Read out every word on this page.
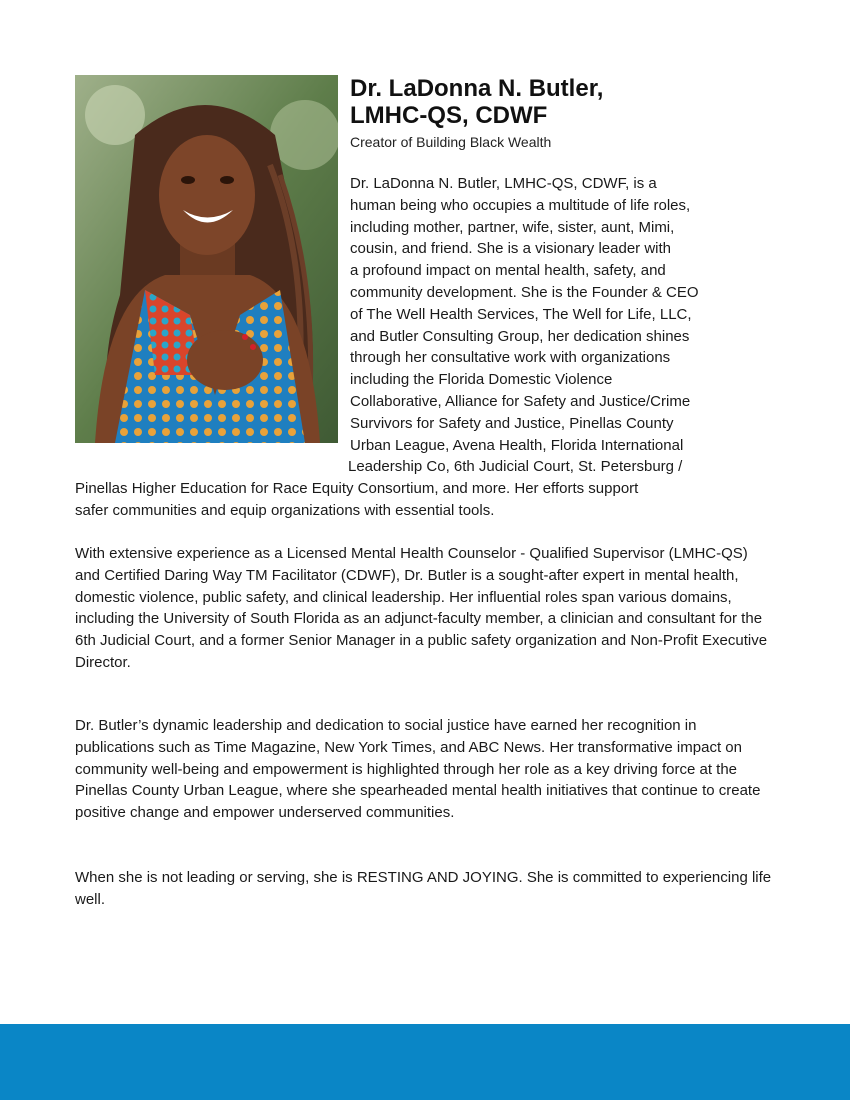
Dr. LaDonna N. Butler,
LMHC-QS, CDWF
Creator of Building Black Wealth
Dr. LaDonna N. Butler, LMHC-QS, CDWF, is a
human being who occupies a multitude of life roles,
including mother, partner, wife, sister, aunt, Mimi,
cousin, and friend. She is a visionary leader with
a profound impact on mental health, safety, and
community development. She is the Founder & CEO
of The Well Health Services, The Well for Life, LLC,
and Butler Consulting Group, her dedication shines
through her consultative work with organizations
including the Florida Domestic Violence
Collaborative, Alliance for Safety and Justice/Crime
Survivors for Safety and Justice, Pinellas County
Urban League, Avena Health, Florida International
Leadership Co, 6th Judicial Court, St. Petersburg /
Pinellas Higher Education for Race Equity Consortium, and more. Her efforts support
safer communities and equip organizations with essential tools.

With extensive experience as a Licensed Mental Health Counselor - Qualified Supervisor (LMHC-QS) and Certified Daring Way TM Facilitator (CDWF), Dr. Butler is a sought-after expert in mental health, domestic violence, public safety, and clinical leadership. Her influential roles span various domains, including the University of South Florida as an adjunct-faculty member, a clinician and consultant for the 6th Judicial Court, and a former Senior Manager in a public safety organization and Non-Profit Executive Director.

Dr. Butler’s dynamic leadership and dedication to social justice have earned her recognition in publications such as Time Magazine, New York Times, and ABC News. Her transformative impact on community well-being and empowerment is highlighted through her role as a key driving force at the Pinellas County Urban League, where she spearheaded mental health initiatives that continue to create positive change and empower underserved communities.

When she is not leading or serving, she is RESTING AND JOYING. She is committed to experiencing life well.
